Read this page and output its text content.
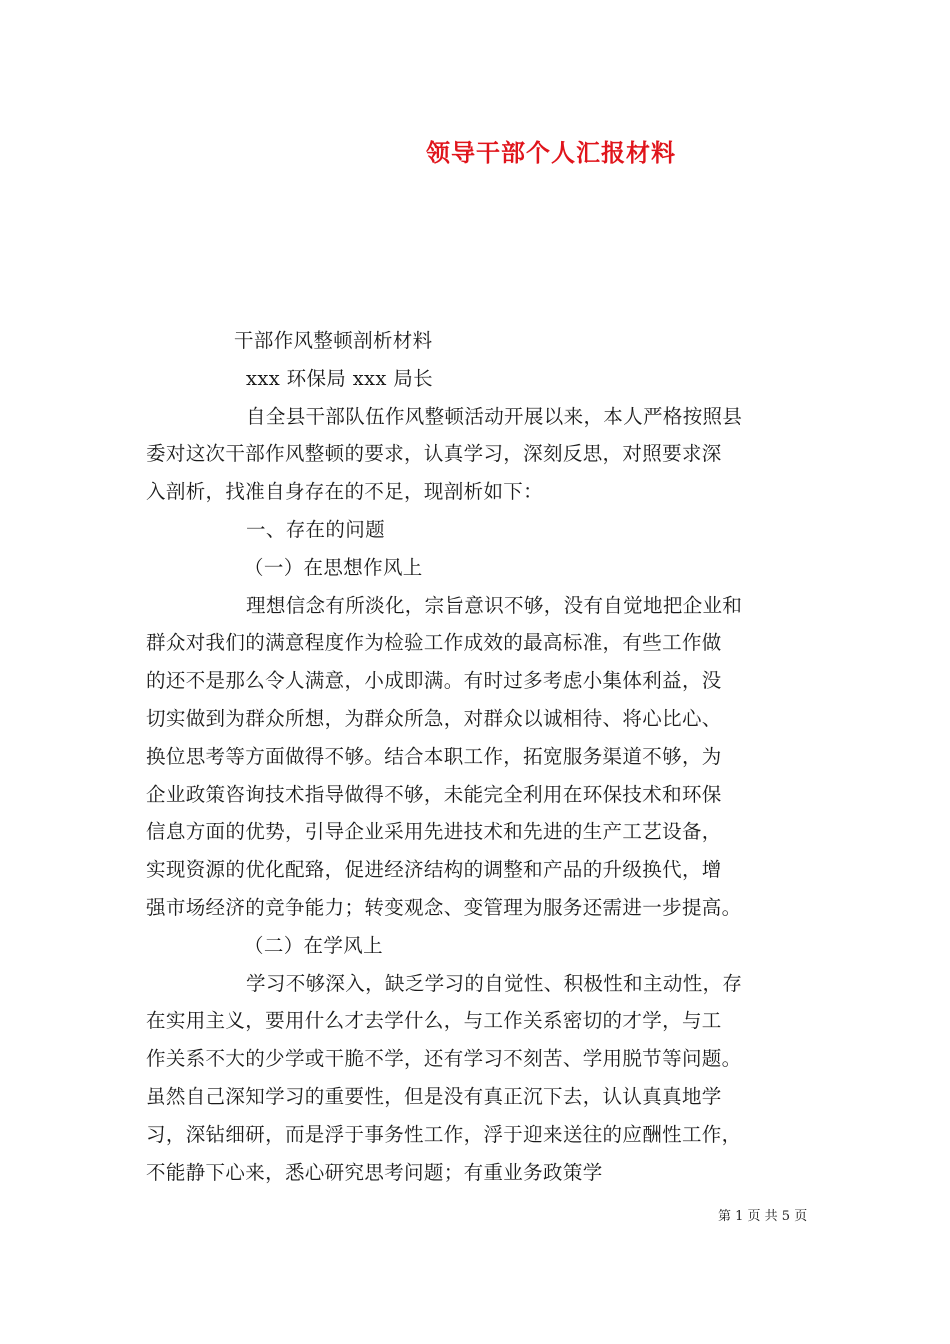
领导干部个人汇报材料
干部作风整顿剖析材料
xxx 环保局 xxx 局长
自全县干部队伍作风整顿活动开展以来，本人严格按照县
委对这次干部作风整顿的要求，认真学习，深刻反思，对照要求深
入剖析，找准自身存在的不足，现剖析如下：
一、存在的问题
（一）在思想作风上
理想信念有所淡化，宗旨意识不够，没有自觉地把企业和
群众对我们的满意程度作为检验工作成效的最高标准，有些工作做
的还不是那么令人满意，小成即满。有时过多考虑小集体利益，没
切实做到为群众所想，为群众所急，对群众以诚相待、将心比心、
换位思考等方面做得不够。结合本职工作，拓宽服务渠道不够，为
企业政策咨询技术指导做得不够，未能完全利用在环保技术和环保
信息方面的优势，引导企业采用先进技术和先进的生产工艺设备，
实现资源的优化配臵，促进经济结构的调整和产品的升级换代，增
强市场经济的竞争能力；转变观念、变管理为服务还需进一步提高。
（二）在学风上
学习不够深入，缺乏学习的自觉性、积极性和主动性，存
在实用主义，要用什么才去学什么，与工作关系密切的才学，与工
作关系不大的少学或干脆不学，还有学习不刻苦、学用脱节等问题。
虽然自己深知学习的重要性，但是没有真正沉下去，认认真真地学
习，深钻细研，而是浮于事务性工作，浮于迎来送往的应酬性工作，
不能静下心来，悉心研究思考问题；有重业务政策学
第 1 页 共 5 页
